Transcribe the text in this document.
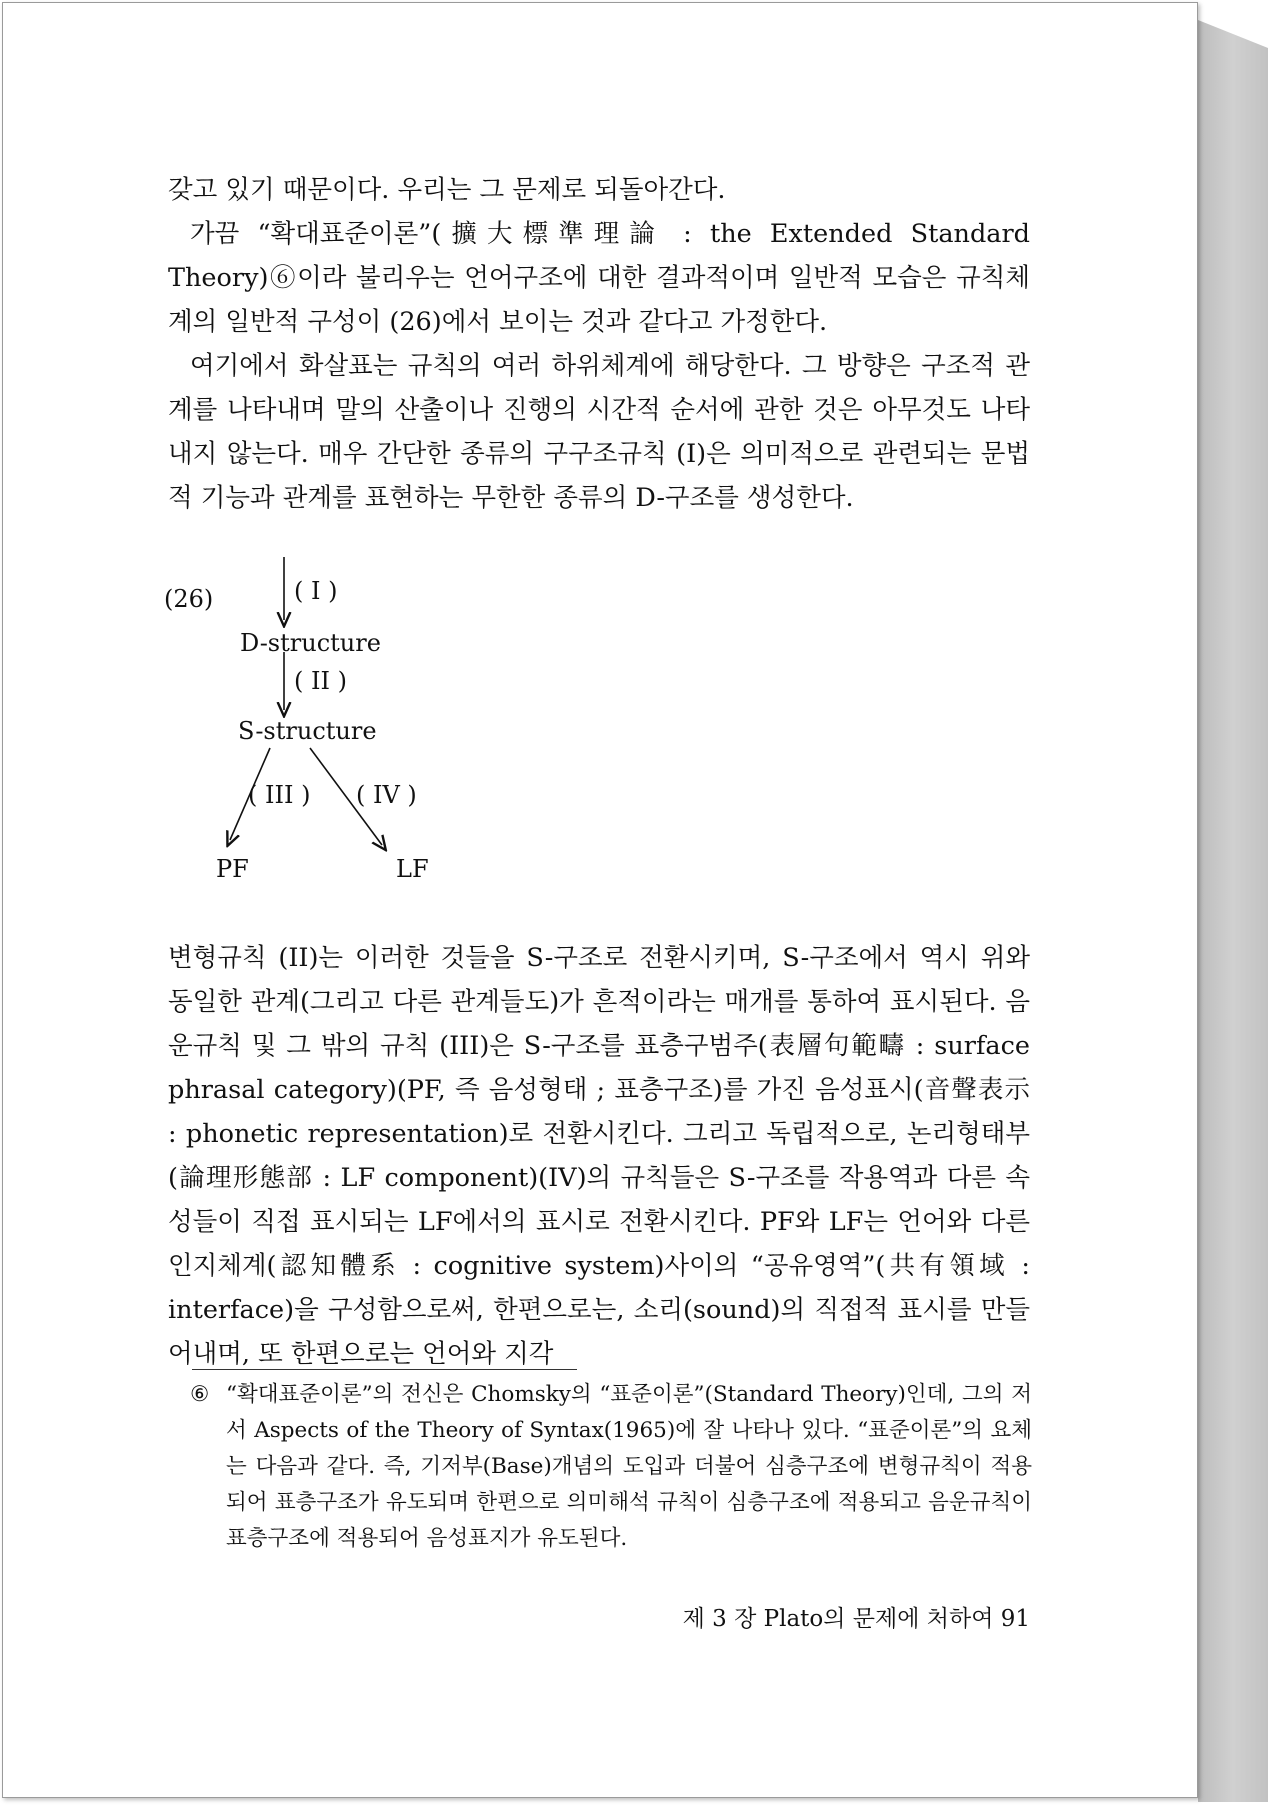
갖고 있기 때문이다. 우리는 그 문제로 되돌아간다.

가끔 “확대표준이론”(擴大標準理論 : the Extended Standard Theory)⑥이라 불리우는 언어구조에 대한 결과적이며 일반적 모습은 규칙체계의 일반적 구성이 (26)에서 보이는 것과 같다고 가정한다.

여기에서 화살표는 규칙의 여러 하위체계에 해당한다. 그 방향은 구조적 관계를 나타내며 말의 산출이나 진행의 시간적 순서에 관한 것은 아무것도 나타내지 않는다. 매우 간단한 종류의 구구조규칙 (I)은 의미적으로 관련되는 문법적 기능과 관계를 표현하는 무한한 종류의 D-구조를 생성한다.

(26)	( I )
D-structure
( II )
S-structure
( III ) ( IV )
PF	LF

변형규칙 (II)는 이러한 것들을 S-구조로 전환시키며, S-구조에서 역시 위와 동일한 관계(그리고 다른 관계들도)가 흔적이라는 매개를 통하여 표시된다. 음운규칙 및 그 밖의 규칙 (III)은 S-구조를 표층구범주(表層句範疇 : surface phrasal category)(PF, 즉 음성형태 ; 표층구조)를 가진 음성표시(音聲表示 : phonetic representation)로 전환시킨다. 그리고 독립적으로, 논리형태부(論理形態部 : LF component)(IV)의 규칙들은 S-구조를 작용역과 다른 속성들이 직접 표시되는 LF에서의 표시로 전환시킨다. PF와 LF는 언어와 다른 인지체계(認知體系 : cognitive system)사이의 “공유영역”(共有領域 : interface)을 구성함으로써, 한편으로는, 소리(sound)의 직접적 표시를 만들어내며, 또 한편으로는 언어와 지각

⑥ “확대표준이론”의 전신은 Chomsky의 “표준이론”(Standard Theory)인데, 그의 저서 Aspects of the Theory of Syntax(1965)에 잘 나타나 있다. “표준이론”의 요체는 다음과 같다. 즉, 기저부(Base)개념의 도입과 더불어 심층구조에 변형규칙이 적용되어 표층구조가 유도되며 한편으로 의미해석 규칙이 심층구조에 적용되고 음운규칙이 표층구조에 적용되어 음성표지가 유도된다.
제 3 장 Plato의 문제에 처하여 91
